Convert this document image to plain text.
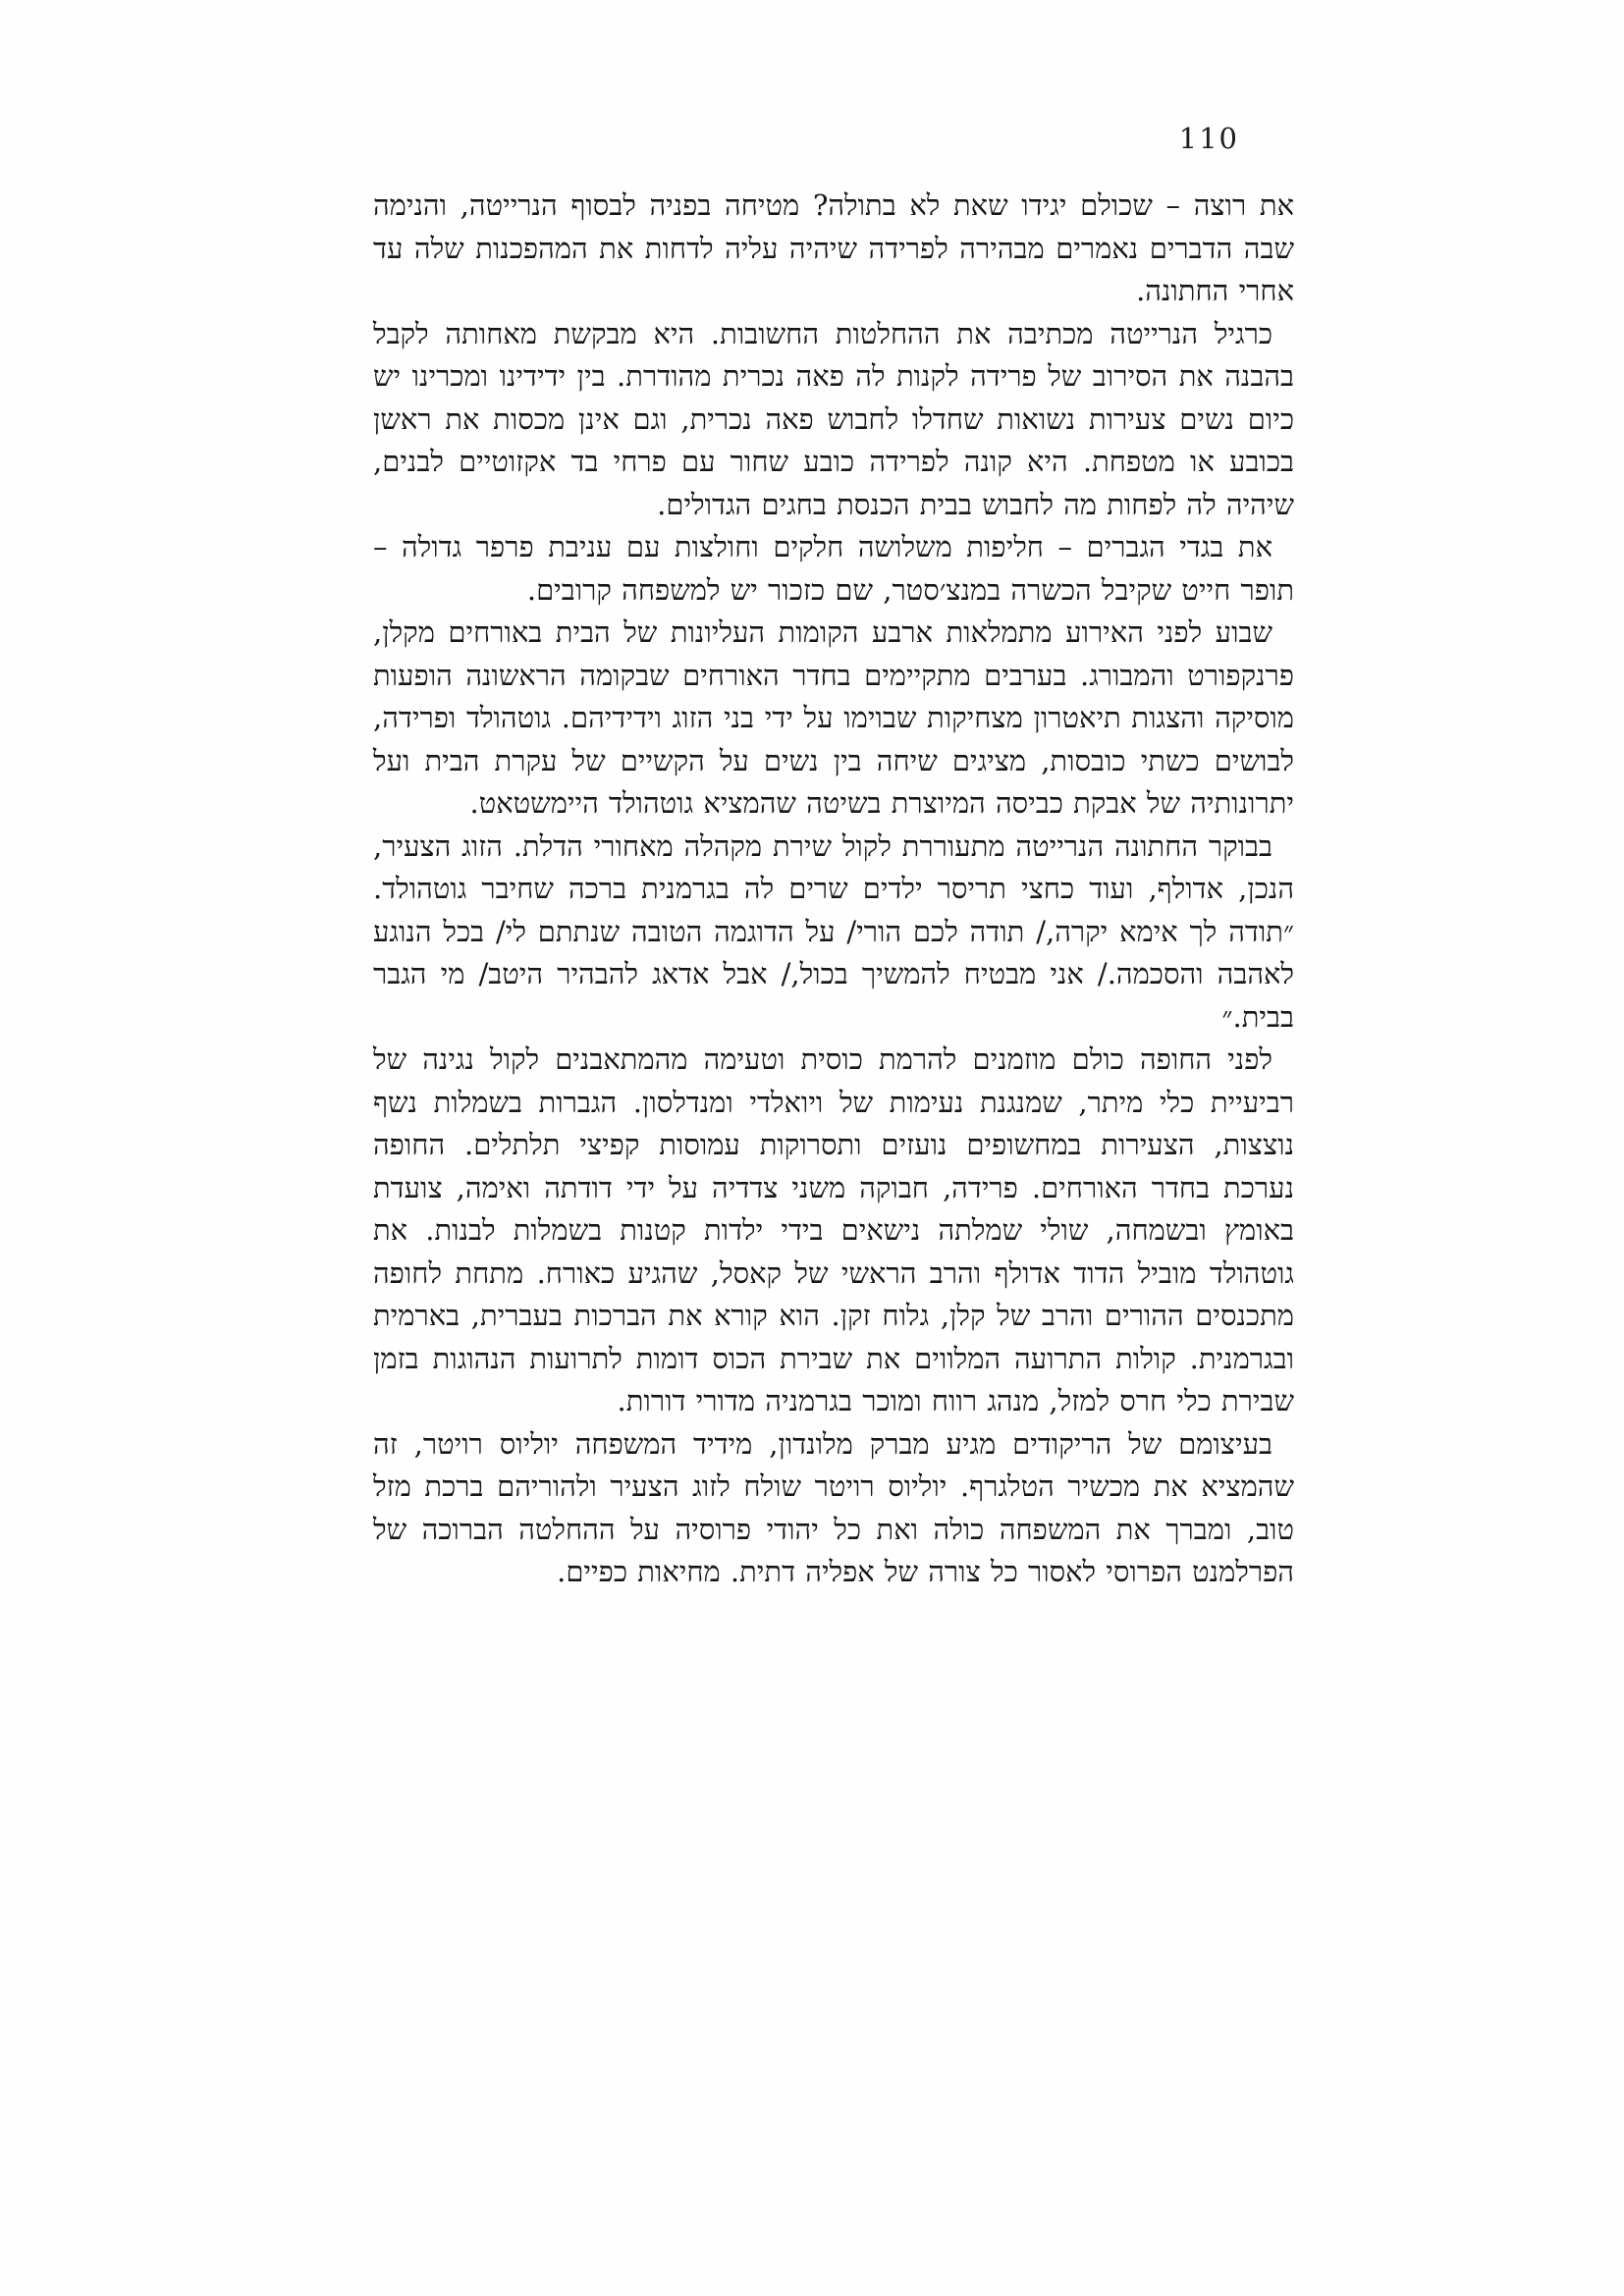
110

את רוצה – שכולם יגידו שאת לא בתולה? מטיחה בפניה לבסוף הנרייטה, והנימה שבה הדברים נאמרים מבהירה לפרידה שיהיה עליה לדחות את המהפכנות שלה עד אחרי החתונה.

כרגיל הנרייטה מכתיבה את ההחלטות החשובות. היא מבקשת מאחותה לקבל בהבנה את הסירוב של פרידה לקנות לה פאה נכרית מהודרת. בין ידידינו ומכרינו יש כיום נשים צעירות נשואות שחדלו לחבוש פאה נכרית, וגם אינן מכסות את ראשן בכובע או מטפחת. היא קונה לפרידה כובע שחור עם פרחי בד אקזוטיים לבנים, שיהיה לה לפחות מה לחבוש בבית הכנסת בחגים הגדולים.

את בגדי הגברים – חליפות משלושה חלקים וחולצות עם עניבת פרפר גדולה – תופר חייט שקיבל הכשרה במנצ׳סטר, שם כזכור יש למשפחה קרובים.

שבוע לפני האירוע מתמלאות ארבע הקומות העליונות של הבית באורחים מקלן, פרנקפורט והמבורג. בערבים מתקיימים בחדר האורחים שבקומה הראשונה הופעות מוסיקה והצגות תיאטרון מצחיקות שבוימו על ידי בני הזוג וידידיהם. גוטהולד ופרידה, לבושים כשתי כובסות, מציגים שיחה בין נשים על הקשיים של עקרת הבית ועל יתרונותיה של אבקת כביסה המיוצרת בשיטה שהמציא גוטהולד היימשטאט.

בבוקר החתונה הנרייטה מתעוררת לקול שירת מקהלה מאחורי הדלת. הזוג הצעיר, הנכן, אדולף, ועוד כחצי תריסר ילדים שרים לה בגרמנית ברכה שחיבר גוטהולד. ״תודה לך אימא יקרה,/ תודה לכם הורי/ על הדוגמה הטובה שנתתם לי/ בכל הנוגע לאהבה והסכמה./ אני מבטיח להמשיך בכול,/ אבל אדאג להבהיר היטב/ מי הגבר בבית.״

לפני החופה כולם מוזמנים להרמת כוסית וטעימה מהמתאבנים לקול נגינה של רביעיית כלי מיתר, שמנגנת נעימות של ויואלדי ומנדלסון. הגברות בשמלות נשף נוצצות, הצעירות במחשופים נועזים ותסרוקות עמוסות קפיצי תלתלים. החופה נערכת בחדר האורחים. פרידה, חבוקה משני צדדיה על ידי דודתה ואימה, צועדת באומץ ובשמחה, שולי שמלתה נישאים בידי ילדות קטנות בשמלות לבנות. את גוטהולד מוביל הדוד אדולף והרב הראשי של קאסל, שהגיע כאורח. מתחת לחופה מתכנסים ההורים והרב של קלן, גלוח זקן. הוא קורא את הברכות בעברית, בארמית ובגרמנית. קולות התרועה המלווים את שבירת הכוס דומות לתרועות הנהוגות בזמן שבירת כלי חרס למזל, מנהג רווח ומוכר בגרמניה מדורי דורות.

בעיצומם של הריקודים מגיע מברק מלונדון, מידיד המשפחה יוליוס רויטר, זה שהמציא את מכשיר הטלגרף. יוליוס רויטר שולח לזוג הצעיר ולהוריהם ברכת מזל טוב, ומברך את המשפחה כולה ואת כל יהודי פרוסיה על ההחלטה הברוכה של הפרלמנט הפרוסי לאסור כל צורה של אפליה דתית. מחיאות כפיים.
